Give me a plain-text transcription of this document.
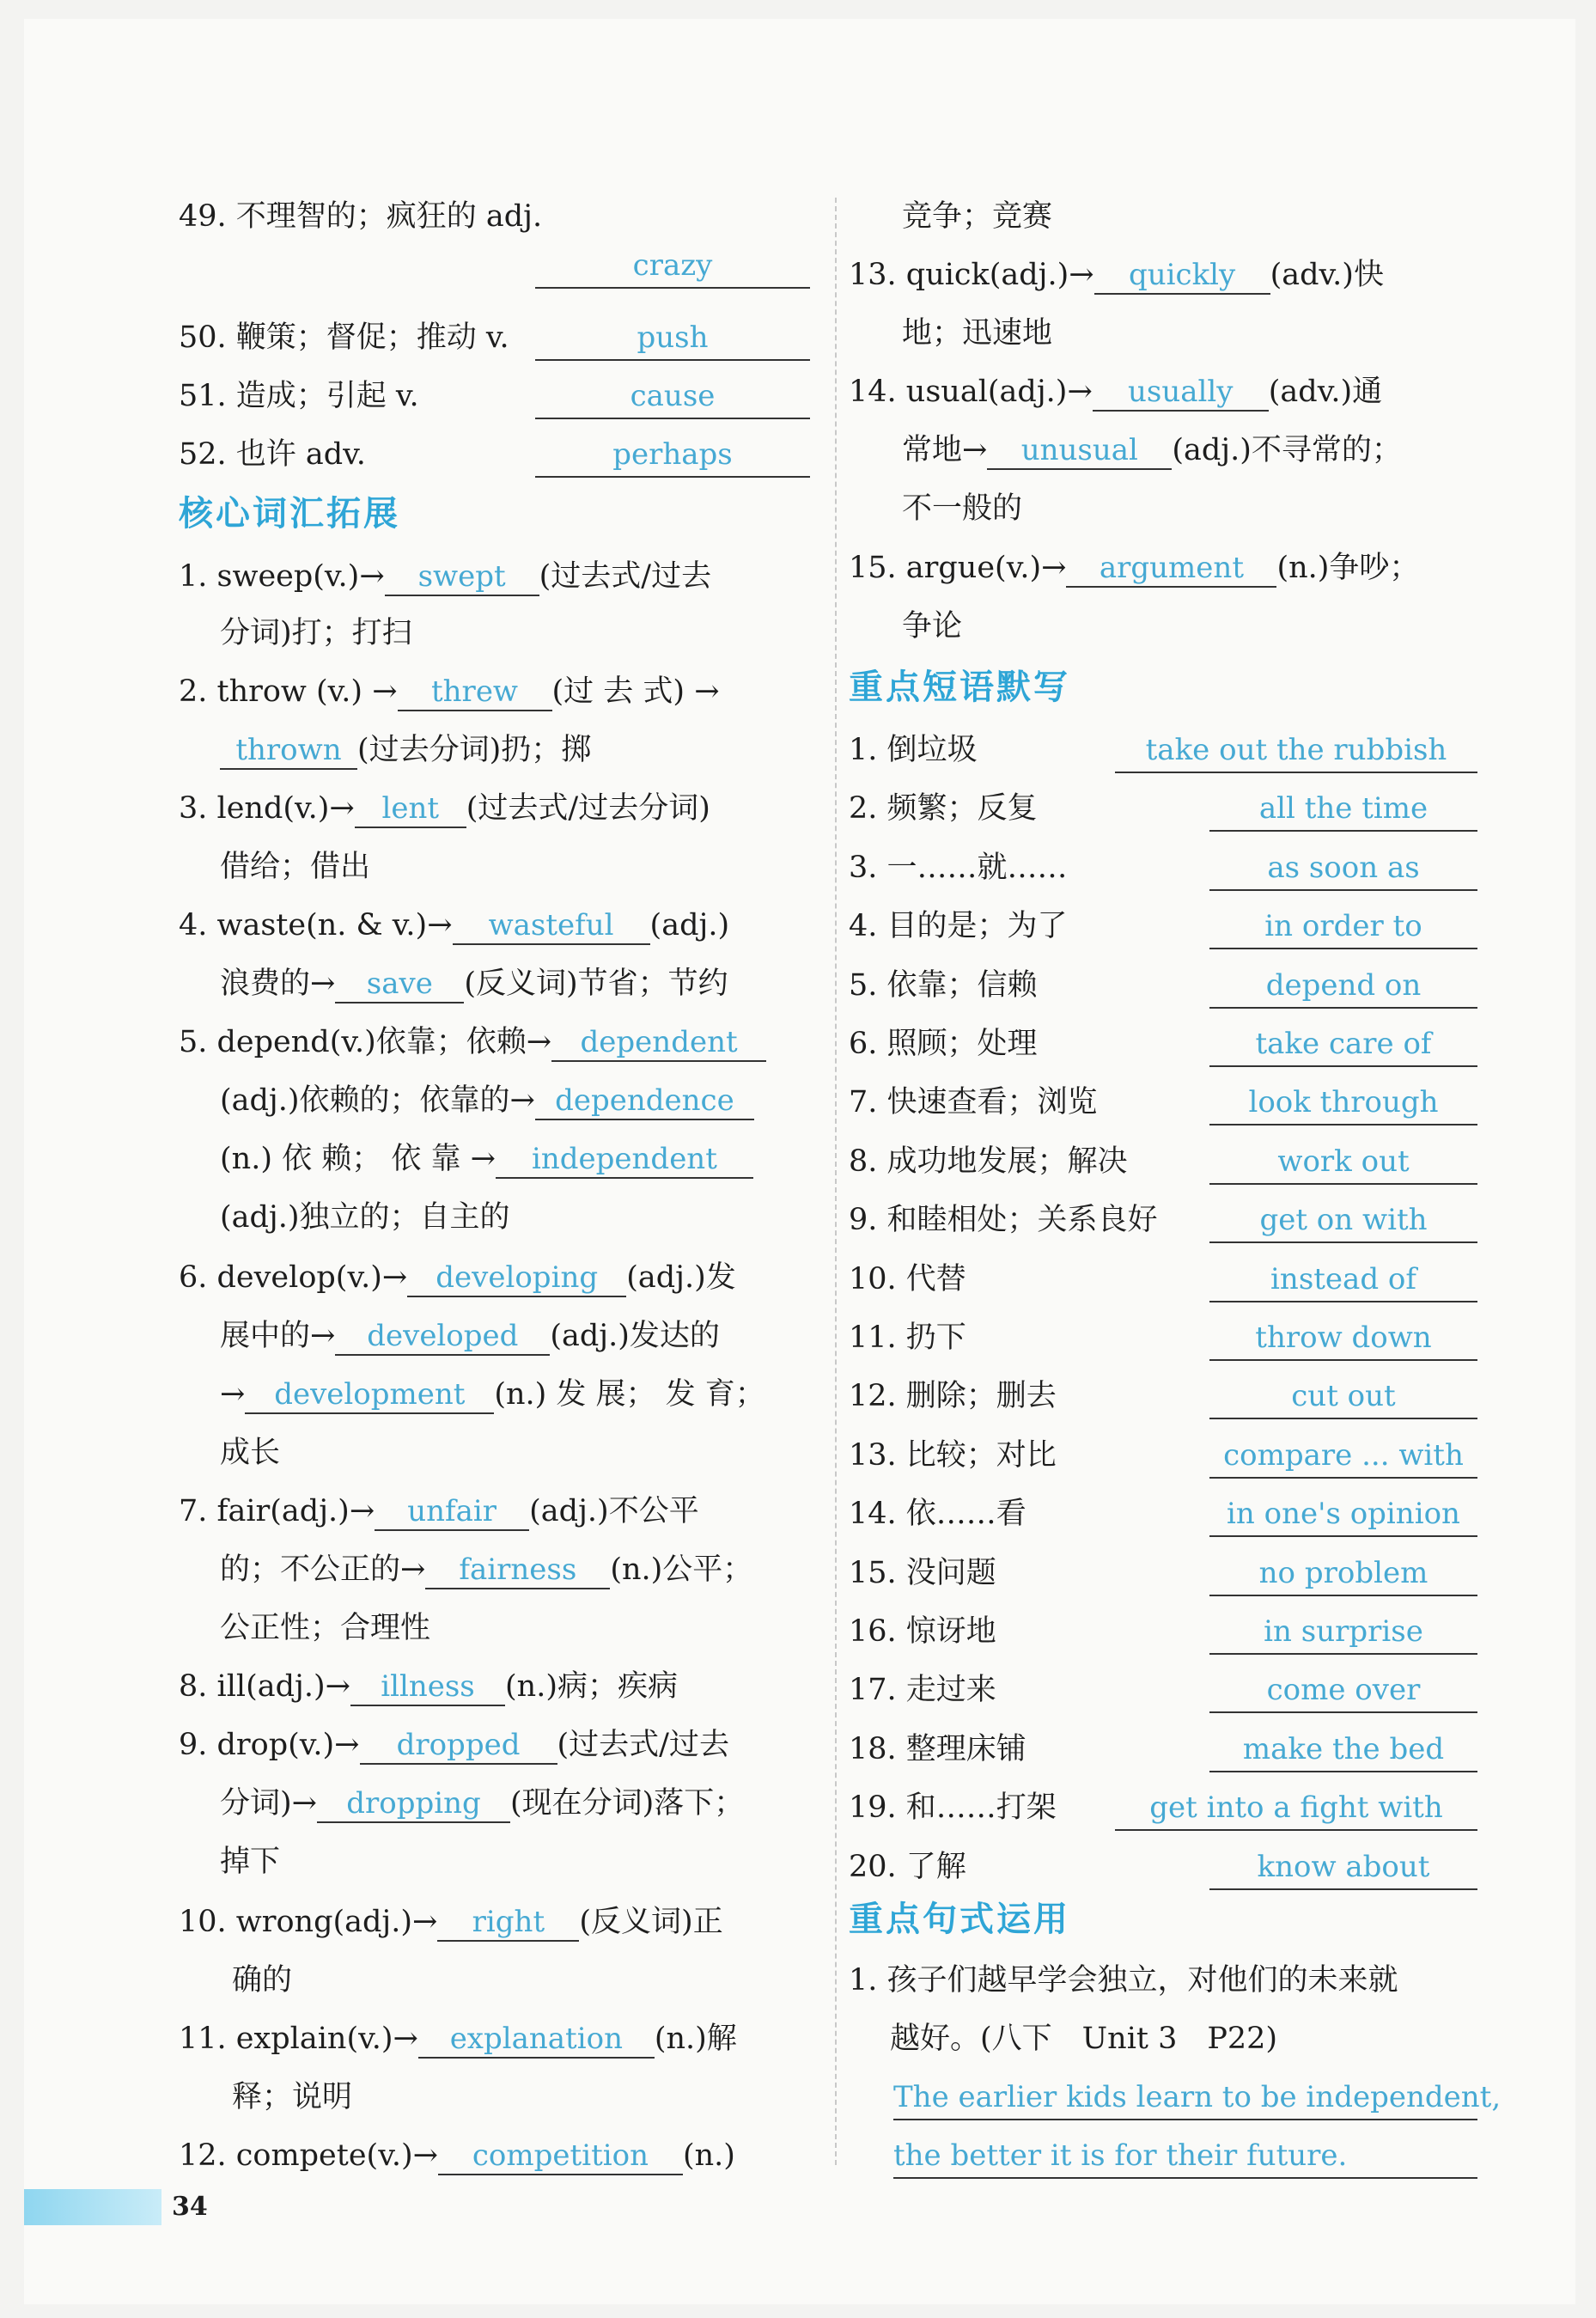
49. 不理智的；疯狂的 adj.
crazy
50. 鞭策；督促；推动 v.	push
51. 造成；引起 v.	cause
52. 也许 adv.	perhaps
核心词汇拓展
1. sweep(v.)→ swept (过去式/过去
分词)打；打扫
2. throw (v.) → threw (过 去 式) →
thrown (过去分词)扔；掷
3. lend(v.)→ lent (过去式/过去分词)
借给；借出
4. waste(n. & v.)→ wasteful (adj.)
浪费的→ save (反义词)节省；节约
5. depend(v.)依靠；依赖→ dependent
(adj.)依赖的；依靠的→ dependence
(n.) 依 赖； 依 靠 → independent
(adj.)独立的；自主的
6. develop(v.)→ developing (adj.)发
展中的→ developed (adj.)发达的
→ development (n.) 发 展； 发 育；
成长
7. fair(adj.)→ unfair (adj.)不公平
的；不公正的→ fairness (n.)公平；
公正性；合理性
8. ill(adj.)→ illness (n.)病；疾病
9. drop(v.)→ dropped (过去式/过去
分词)→ dropping (现在分词)落下；
掉下
10. wrong(adj.)→ right (反义词)正
确的
11. explain(v.)→ explanation (n.)解
释；说明
12. compete(v.)→ competition (n.)
竞争；竞赛
13. quick(adj.)→ quickly (adv.)快
地；迅速地
14. usual(adj.)→ usually (adv.)通
常地→ unusual (adj.)不寻常的；
不一般的
15. argue(v.)→ argument (n.)争吵；
争论
重点短语默写
1. 倒垃圾	take out the rubbish
2. 频繁；反复	all the time
3. 一……就……	as soon as
4. 目的是；为了	in order to
5. 依靠；信赖	depend on
6. 照顾；处理	take care of
7. 快速查看；浏览	look through
8. 成功地发展；解决	work out
9. 和睦相处；关系良好	get on with
10. 代替	instead of
11. 扔下	throw down
12. 删除；删去	cut out
13. 比较；对比	compare ... with
14. 依……看	in one's opinion
15. 没问题	no problem
16. 惊讶地	in surprise
17. 走过来	come over
18. 整理床铺	make the bed
19. 和……打架	get into a fight with
20. 了解	know about
重点句式运用
1. 孩子们越早学会独立，对他们的未来就
越好。(八下　Unit 3　P22)
The earlier kids learn to be independent,
the better it is for their future.
34
